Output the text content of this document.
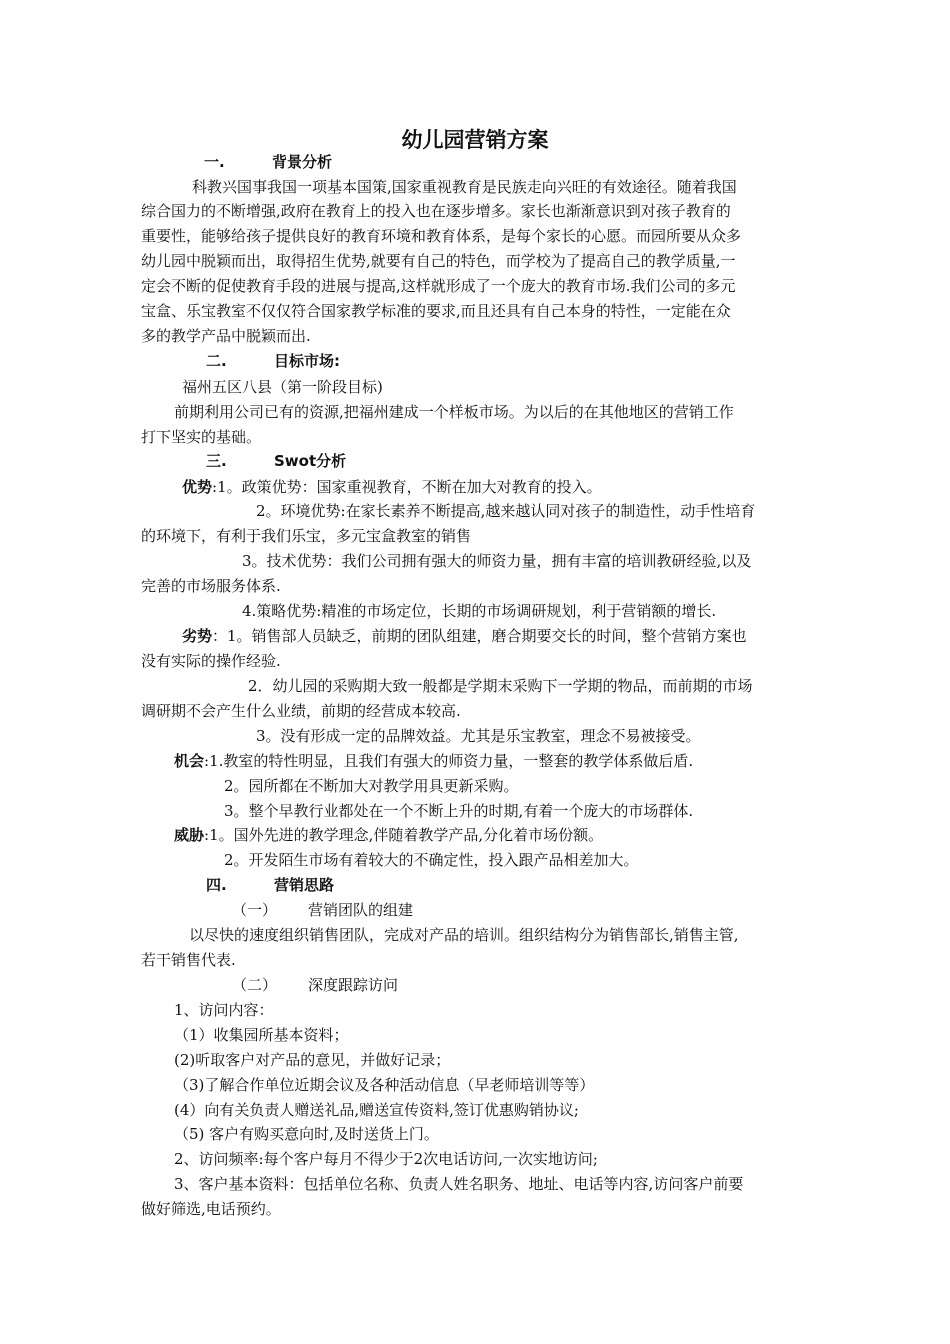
幼儿园营销方案
一.	背景分析
科教兴国事我国一项基本国策,国家重视教育是民族走向兴旺的有效途径。随着我国
综合国力的不断增强,政府在教育上的投入也在逐步增多。家长也渐渐意识到对孩子教育的
重要性，能够给孩子提供良好的教育环境和教育体系，是每个家长的心愿。而园所要从众多
幼儿园中脱颖而出，取得招生优势,就要有自己的特色，而学校为了提高自己的教学质量,一
定会不断的促使教育手段的进展与提高,这样就形成了一个庞大的教育市场.我们公司的多元
宝盒、乐宝教室不仅仅符合国家教学标准的要求,而且还具有自己本身的特性，一定能在众
多的教学产品中脱颖而出.
二.	目标市场:
福州五区八县（第一阶段目标)
前期利用公司已有的资源,把福州建成一个样板市场。为以后的在其他地区的营销工作
打下坚实的基础。
三.	Swot分析
优势:1。政策优势：国家重视教育，不断在加大对教育的投入。
2。环境优势:在家长素养不断提高,越来越认同对孩子的制造性，动手性培育
的环境下，有利于我们乐宝，多元宝盒教室的销售
3。技术优势：我们公司拥有强大的师资力量，拥有丰富的培训教研经验,以及
完善的市场服务体系.
4.策略优势:精准的市场定位，长期的市场调研规划，利于营销额的增长.
劣势：1。销售部人员缺乏，前期的团队组建，磨合期要交长的时间，整个营销方案也
没有实际的操作经验.
2．幼儿园的采购期大致一般都是学期末采购下一学期的物品，而前期的市场
调研期不会产生什么业绩，前期的经营成本较高.
3。没有形成一定的品牌效益。尤其是乐宝教室，理念不易被接受。
机会:1.教室的特性明显，且我们有强大的师资力量，一整套的教学体系做后盾.
2。园所都在不断加大对教学用具更新采购。
3。整个早教行业都处在一个不断上升的时期,有着一个庞大的市场群体.
威胁:1。国外先进的教学理念,伴随着教学产品,分化着市场份额。
2。开发陌生市场有着较大的不确定性，投入跟产品相差加大。
四.	营销思路
（一） 营销团队的组建
以尽快的速度组织销售团队，完成对产品的培训。组织结构分为销售部长,销售主管,
若干销售代表.
（二） 深度跟踪访问
1、访问内容：
（1）收集园所基本资料；
(2)听取客户对产品的意见，并做好记录；
（3)了解合作单位近期会议及各种活动信息（早老师培训等等）
(4）向有关负责人赠送礼品,赠送宣传资料,签订优惠购销协议;
（5) 客户有购买意向时,及时送货上门。
2、访问频率:每个客户每月不得少于2次电话访问,一次实地访问;
3、客户基本资料：包括单位名称、负责人姓名职务、地址、电话等内容,访问客户前要
做好筛选,电话预约。
